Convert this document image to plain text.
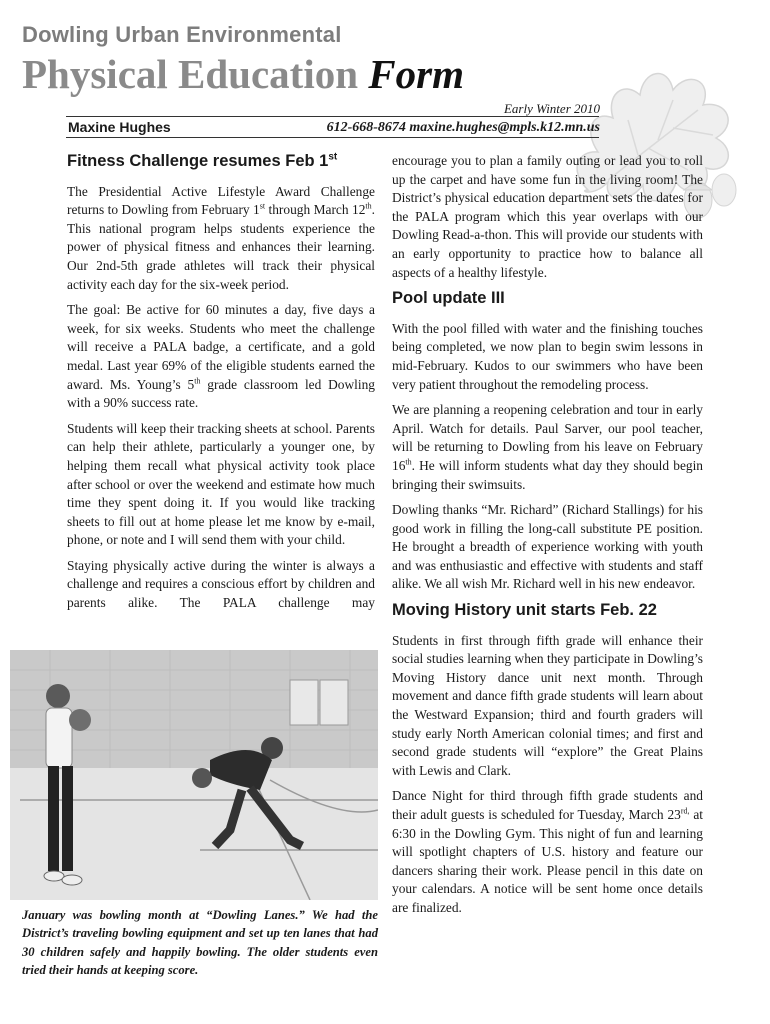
Dowling Urban Environmental
Physical Education Form
Early Winter 2010
Maxine Hughes	612-668-8674 maxine.hughes@mpls.k12.mn.us
Fitness Challenge resumes Feb 1st

The Presidential Active Lifestyle Award Challenge returns to Dowling from February 1st through March 12th. This national program helps students experience the power of physical fitness and enhances their learning. Our 2nd-5th grade athletes will track their physical activity each day for the six-week period.

The goal: Be active for 60 minutes a day, five days a week, for six weeks. Students who meet the challenge will receive a PALA badge, a certificate, and a gold medal. Last year 69% of the eligible students earned the award. Ms. Young’s 5th grade classroom led Dowling with a 90% success rate.

Students will keep their tracking sheets at school. Parents can help their athlete, particularly a younger one, by helping them recall what physical activity took place after school or over the weekend and estimate how much time they spent doing it. If you would like tracking sheets to fill out at home please let me know by e-mail, phone, or note and I will send them with your child.

Staying physically active during the winter is always a challenge and requires a conscious effort by children and parents alike. The PALA challenge may

January was bowling month at “Dowling Lanes.” We had the District’s traveling bowling equipment and set up ten lanes that had 30 children safely and happily bowling. The older students even tried their hands at keeping score.

encourage you to plan a family outing or lead you to roll up the carpet and have some fun in the living room! The District’s physical education department sets the dates for the PALA program which this year overlaps with our Dowling Read-a-thon. This will provide our students with an early opportunity to practice how to balance all aspects of a healthy lifestyle.

Pool update III

With the pool filled with water and the finishing touches being completed, we now plan to begin swim lessons in mid-February. Kudos to our swimmers who have been very patient throughout the remodeling process.

We are planning a reopening celebration and tour in early April. Watch for details. Paul Sarver, our pool teacher, will be returning to Dowling from his leave on February 16th. He will inform students what day they should begin bringing their swimsuits.

Dowling thanks “Mr. Richard” (Richard Stallings) for his good work in filling the long-call substitute PE position. He brought a breadth of experience working with youth and was enthusiastic and effective with students and staff alike. We all wish Mr. Richard well in his new endeavor.

Moving History unit starts Feb. 22

Students in first through fifth grade will enhance their social studies learning when they participate in Dowling’s Moving History dance unit next month. Through movement and dance fifth grade students will learn about the Westward Expansion; third and fourth graders will study early North American colonial times; and first and second grade students will “explore” the Great Plains with Lewis and Clark.

Dance Night for third through fifth grade students and their adult guests is scheduled for Tuesday, March $23^{rd,}$ at 6:30 in the Dowling Gym. This night of fun and learning will spotlight chapters of U.S. history and feature our dancers sharing their work. Please pencil in this date on your calendars. A notice will be sent home once details are finalized.
